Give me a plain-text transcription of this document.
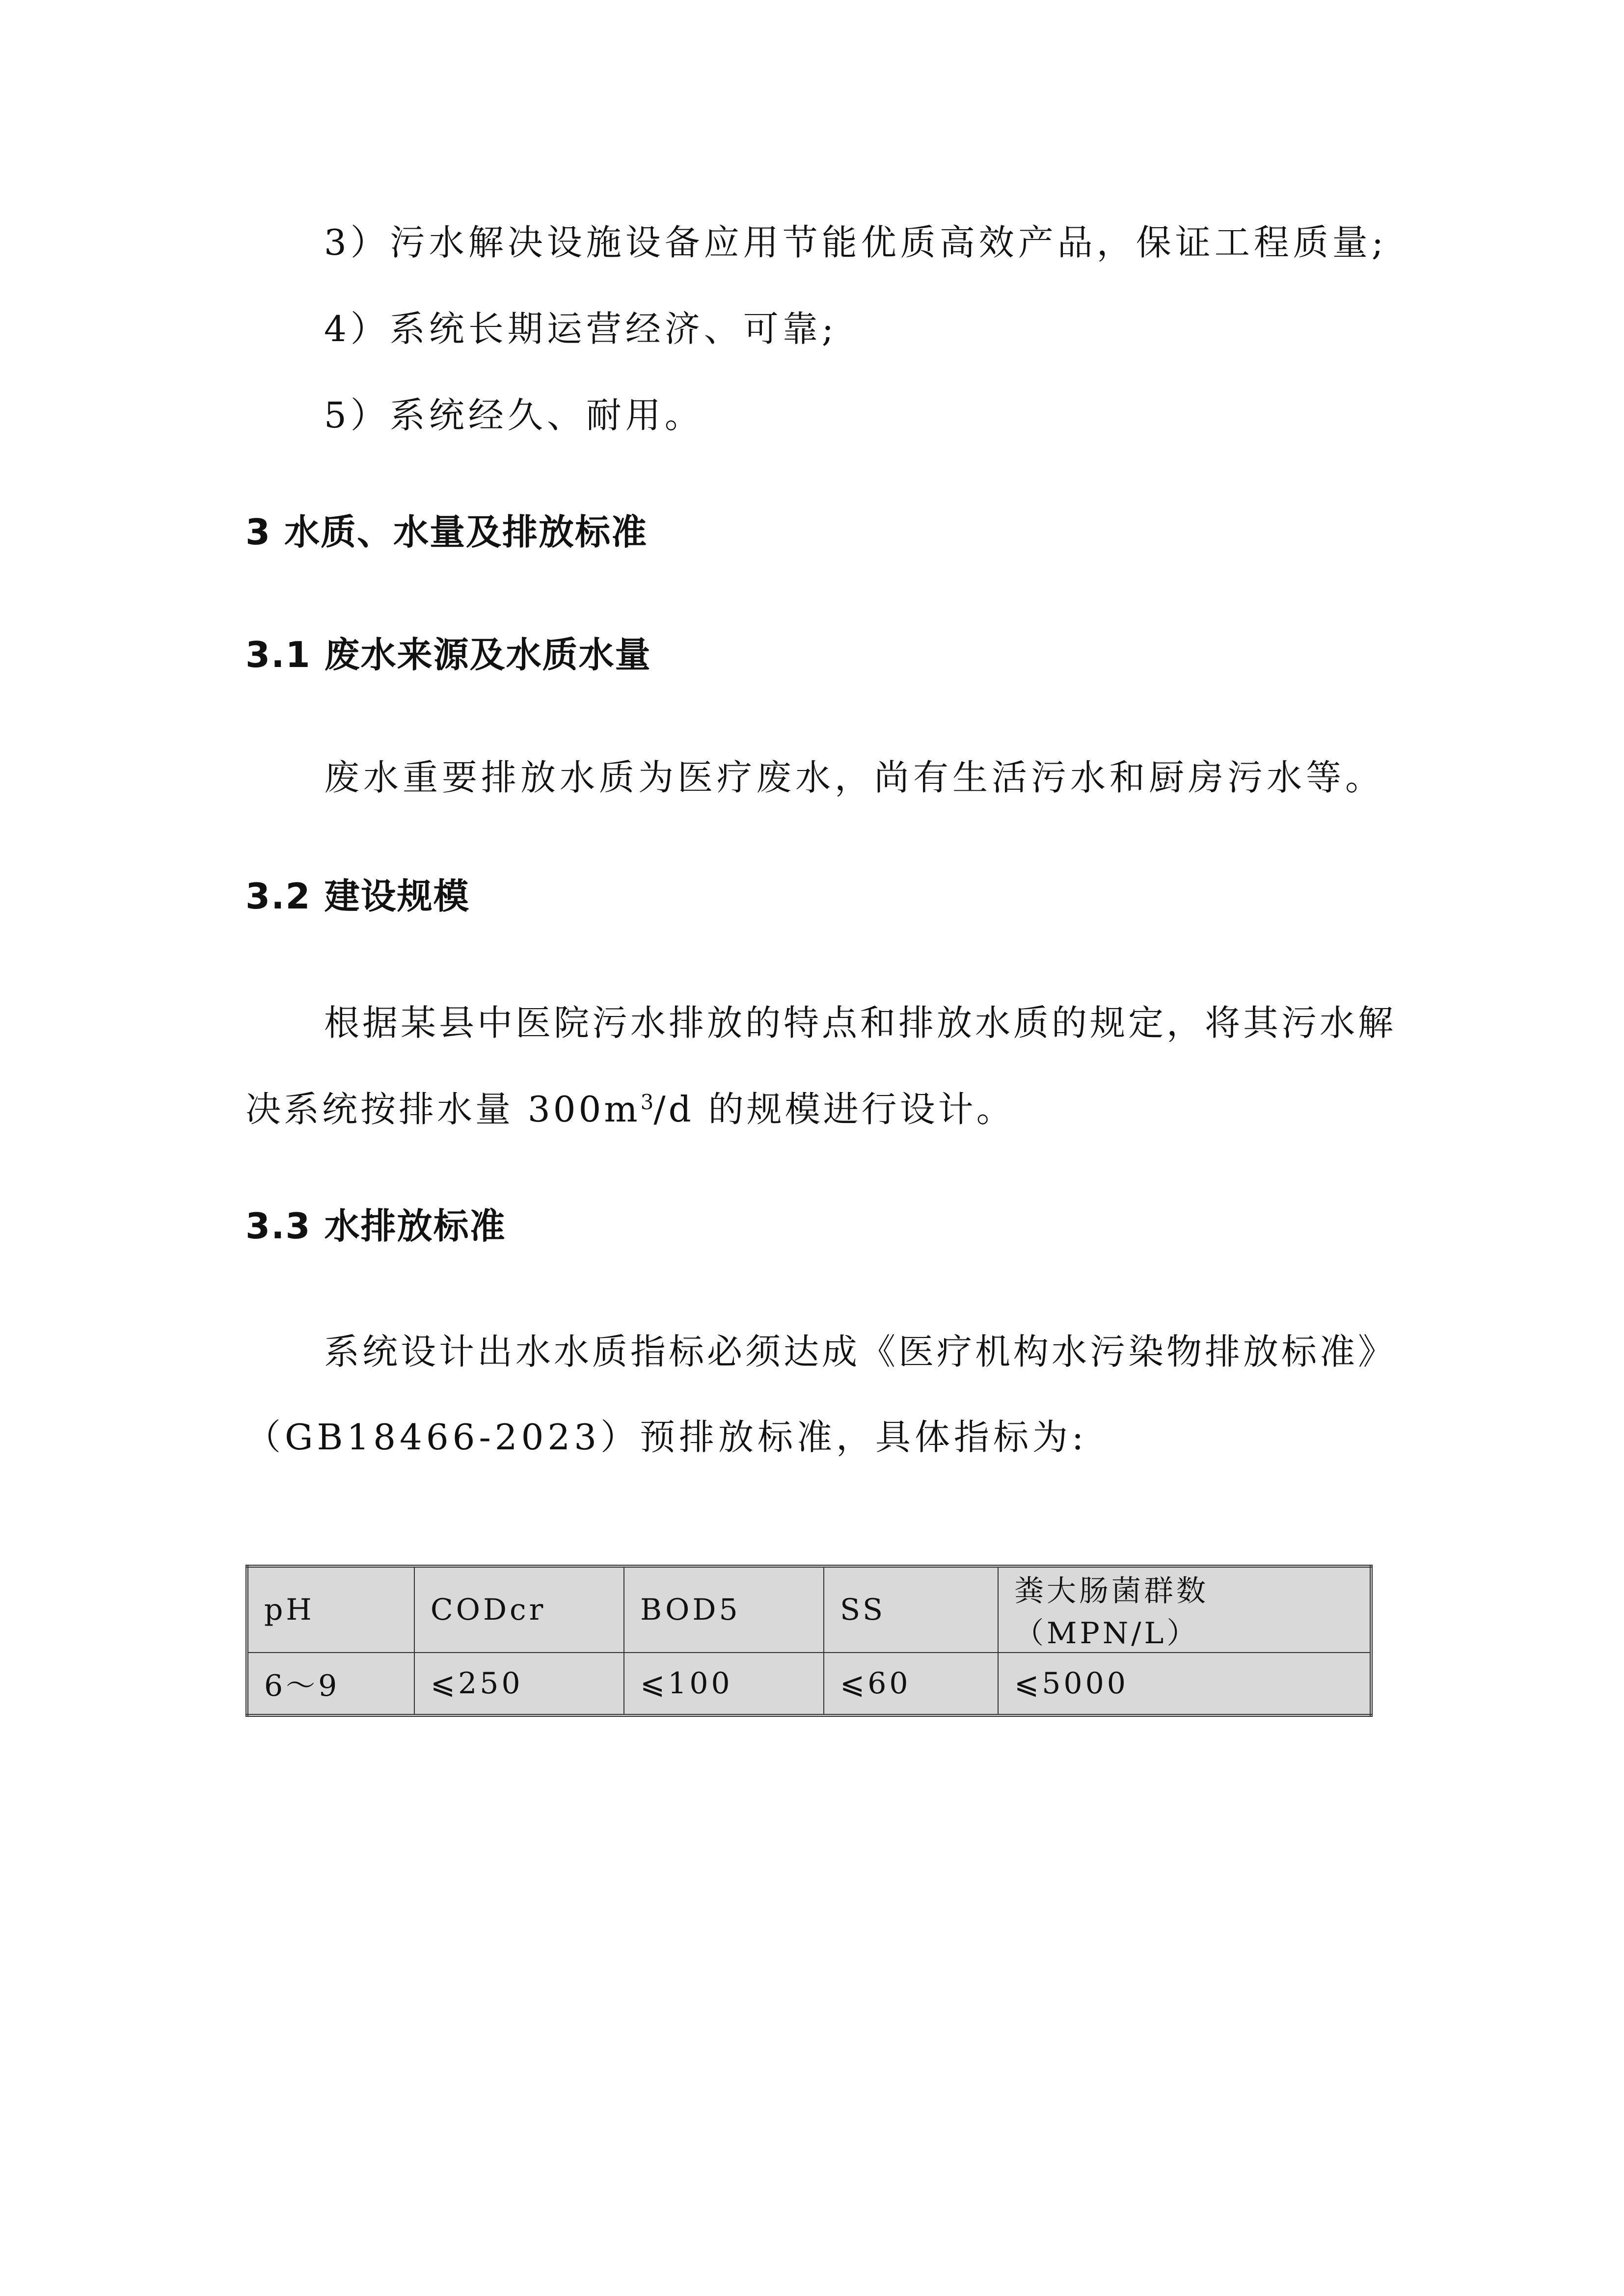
3）污水解决设施设备应用节能优质高效产品，保证工程质量;
4）系统长期运营经济、可靠;
5）系统经久、耐用。
3 水质、水量及排放标准
3.1 废水来源及水质水量
废水重要排放水质为医疗废水，尚有生活污水和厨房污水等。
3.2 建设规模
根据某县中医院污水排放的特点和排放水质的规定，将其污水解
决系统按排水量 $300m^3/d$ 的规模进行设计。
3.3 水排放标准
系统设计出水水质指标必须达成《医疗机构水污染物排放标准》
（GB18466-2023）预排放标准，具体指标为:
pH	CODcr	BOD5	SS	粪大肠菌群数（MPN/L）
6～9	⩽250	⩽100	⩽60	⩽5000
